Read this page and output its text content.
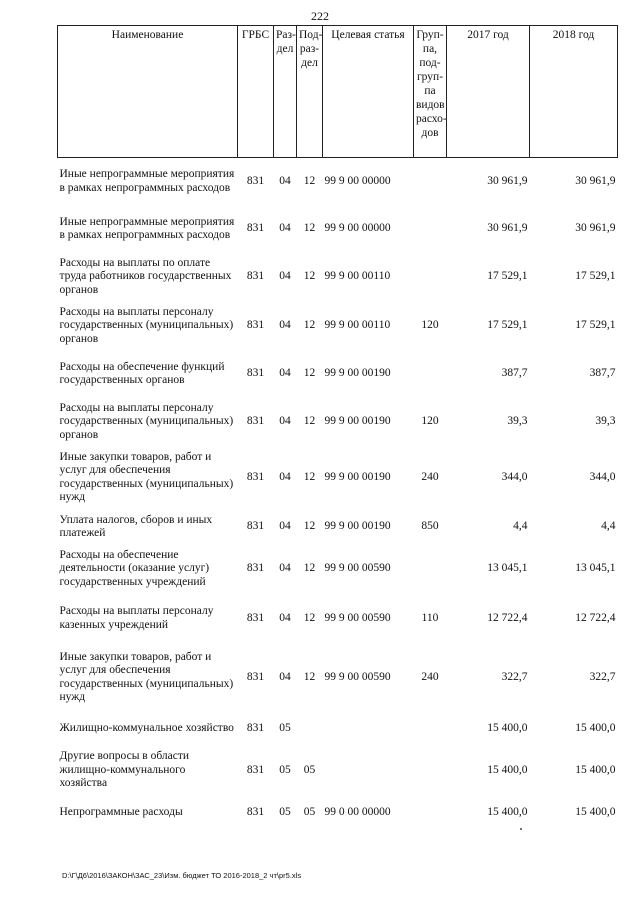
222
Наименование	ГРБС	Раз-дел	Под-раз-дел	Целевая статья	Груп-па, под-груп-па видов расхо-дов	2017 год	2018 год
Иные непрограммные мероприятия в рамках непрограммных расходов	831	04	12	99 9 00 00000		30 961,9	30 961,9
Иные непрограммные мероприятия в рамках непрограммных расходов	831	04	12	99 9 00 00000		30 961,9	30 961,9
Расходы на выплаты по оплате труда работников государственных органов	831	04	12	99 9 00 00110		17 529,1	17 529,1
Расходы на выплаты персоналу государственных (муниципальных) органов	831	04	12	99 9 00 00110	120	17 529,1	17 529,1
Расходы на обеспечение функций государственных органов	831	04	12	99 9 00 00190		387,7	387,7
Расходы на выплаты персоналу государственных (муниципальных) органов	831	04	12	99 9 00 00190	120	39,3	39,3
Иные закупки товаров, работ и услуг для обеспечения государственных (муниципальных) нужд	831	04	12	99 9 00 00190	240	344,0	344,0
Уплата налогов, сборов и иных платежей	831	04	12	99 9 00 00190	850	4,4	4,4
Расходы на обеспечение деятельности (оказание услуг) государственных учреждений	831	04	12	99 9 00 00590		13 045,1	13 045,1
Расходы на выплаты персоналу казенных учреждений	831	04	12	99 9 00 00590	110	12 722,4	12 722,4
Иные закупки товаров, работ и услуг для обеспечения государственных (муниципальных) нужд	831	04	12	99 9 00 00590	240	322,7	322,7
Жилищно-коммунальное хозяйство	831	05				15 400,0	15 400,0
Другие вопросы в области жилищно-коммунального хозяйства	831	05	05			15 400,0	15 400,0
Непрограммные расходы	831	05	05	99 0 00 00000		15 400,0	15 400,0
D:\Г\Д6\2016\ЗАКОН\ЗАС_23\Изм. бюджет ТО 2016-2018_2 чт\pr5.xls
